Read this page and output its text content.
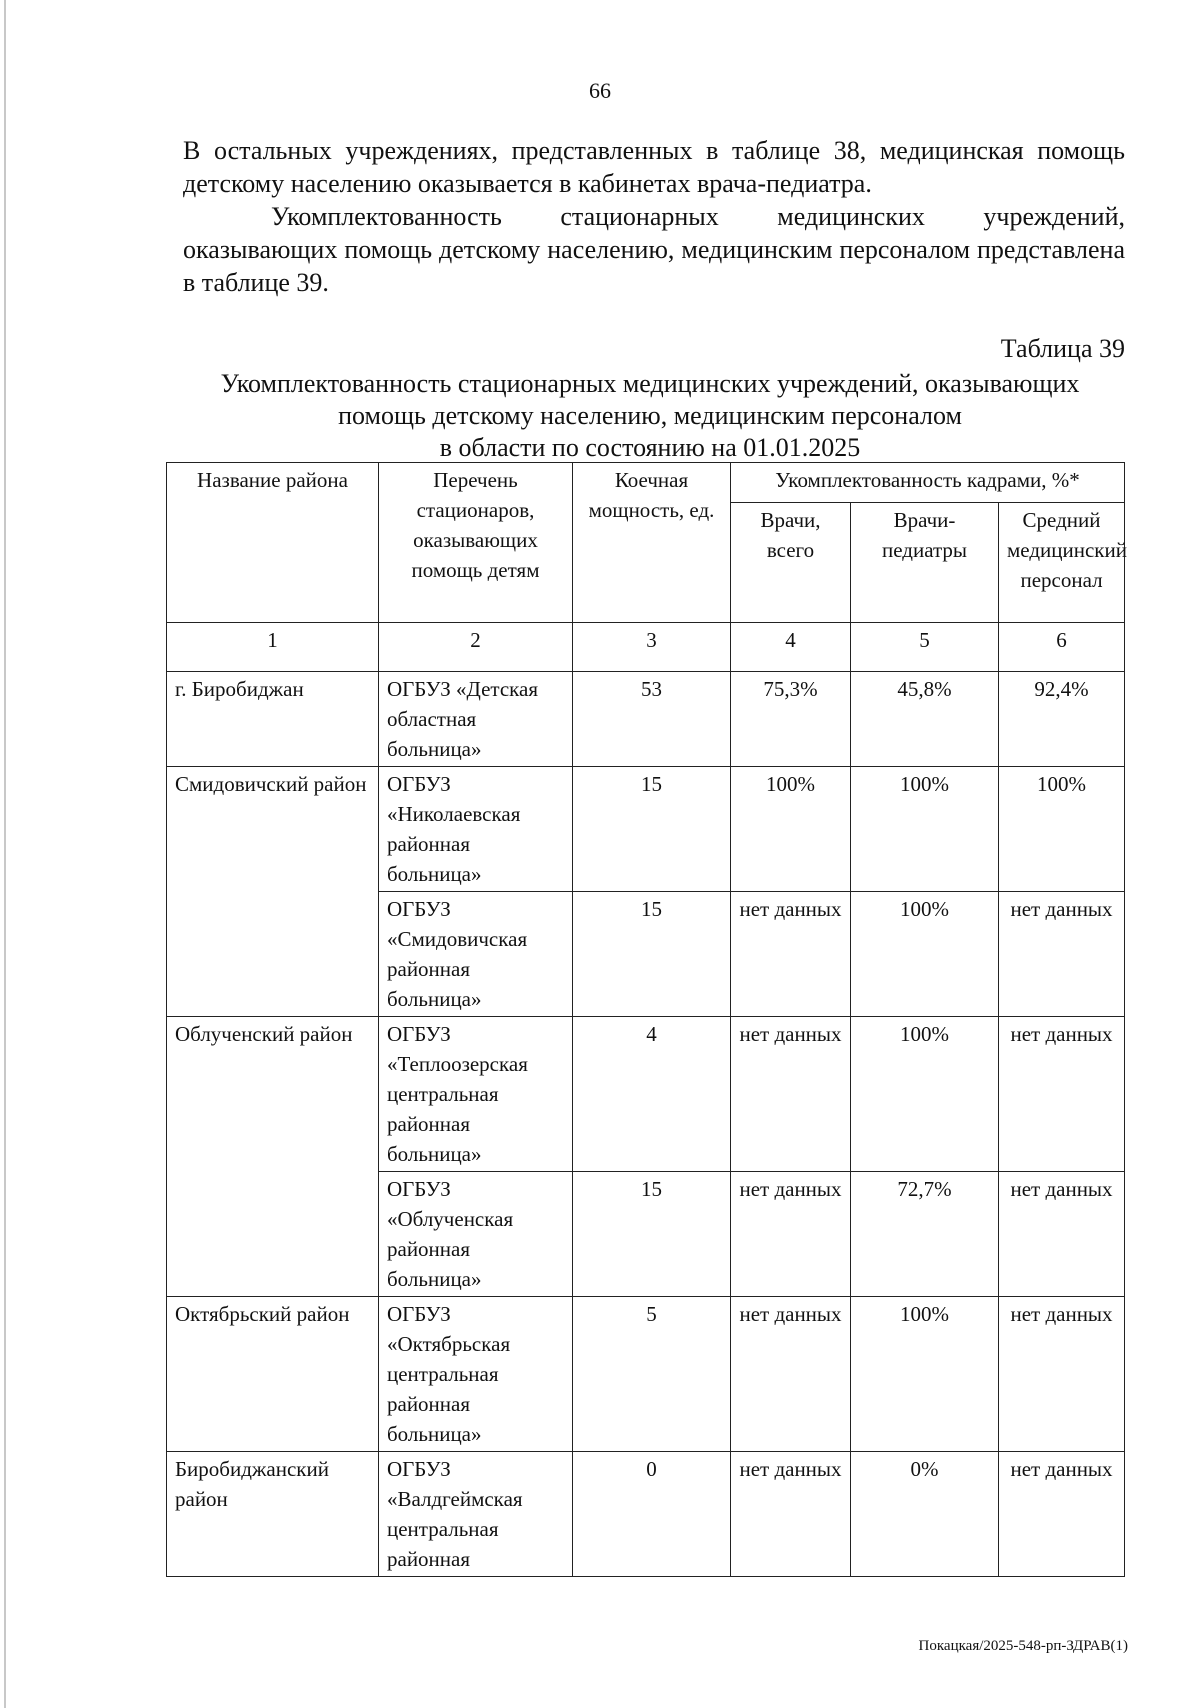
66

В остальных учреждениях, представленных в таблице 38, медицинская помощь детскому населению оказывается в кабинетах врача-педиатра.

Укомплектованность стационарных медицинских учреждений, оказывающих помощь детскому населению, медицинским персоналом представлена в таблице 39.

Таблица 39
Укомплектованность стационарных медицинских учреждений, оказывающих
помощь детскому населению, медицинским персоналом
в области по состоянию на 01.01.2025
Название района	Перечень стационаров, оказывающих помощь детям	Коечная мощность, ед.	Укомплектованность кадрами, %*		
			Врачи, всего	Врачи-педиатры	Средний медицинский персонал
1	2	3	4	5	6
г. Биробиджан	ОГБУЗ «Детская областная больница»	53	75,3%	45,8%	92,4%
Смидовичский район	ОГБУЗ «Николаевская районная больница»	15	100%	100%	100%
	ОГБУЗ «Смидовичская районная больница»	15	нет данных	100%	нет данных
Облученский район	ОГБУЗ «Теплоозерская центральная районная больница»	4	нет данных	100%	нет данных
	ОГБУЗ «Облученская районная больница»	15	нет данных	72,7%	нет данных
Октябрьский район	ОГБУЗ «Октябрьская центральная районная больница»	5	нет данных	100%	нет данных
Биробиджанский район	ОГБУЗ «Валдгеймская центральная районная	0	нет данных	0%	нет данных
Покацкая/2025-548-рп-ЗДРАВ(1)
